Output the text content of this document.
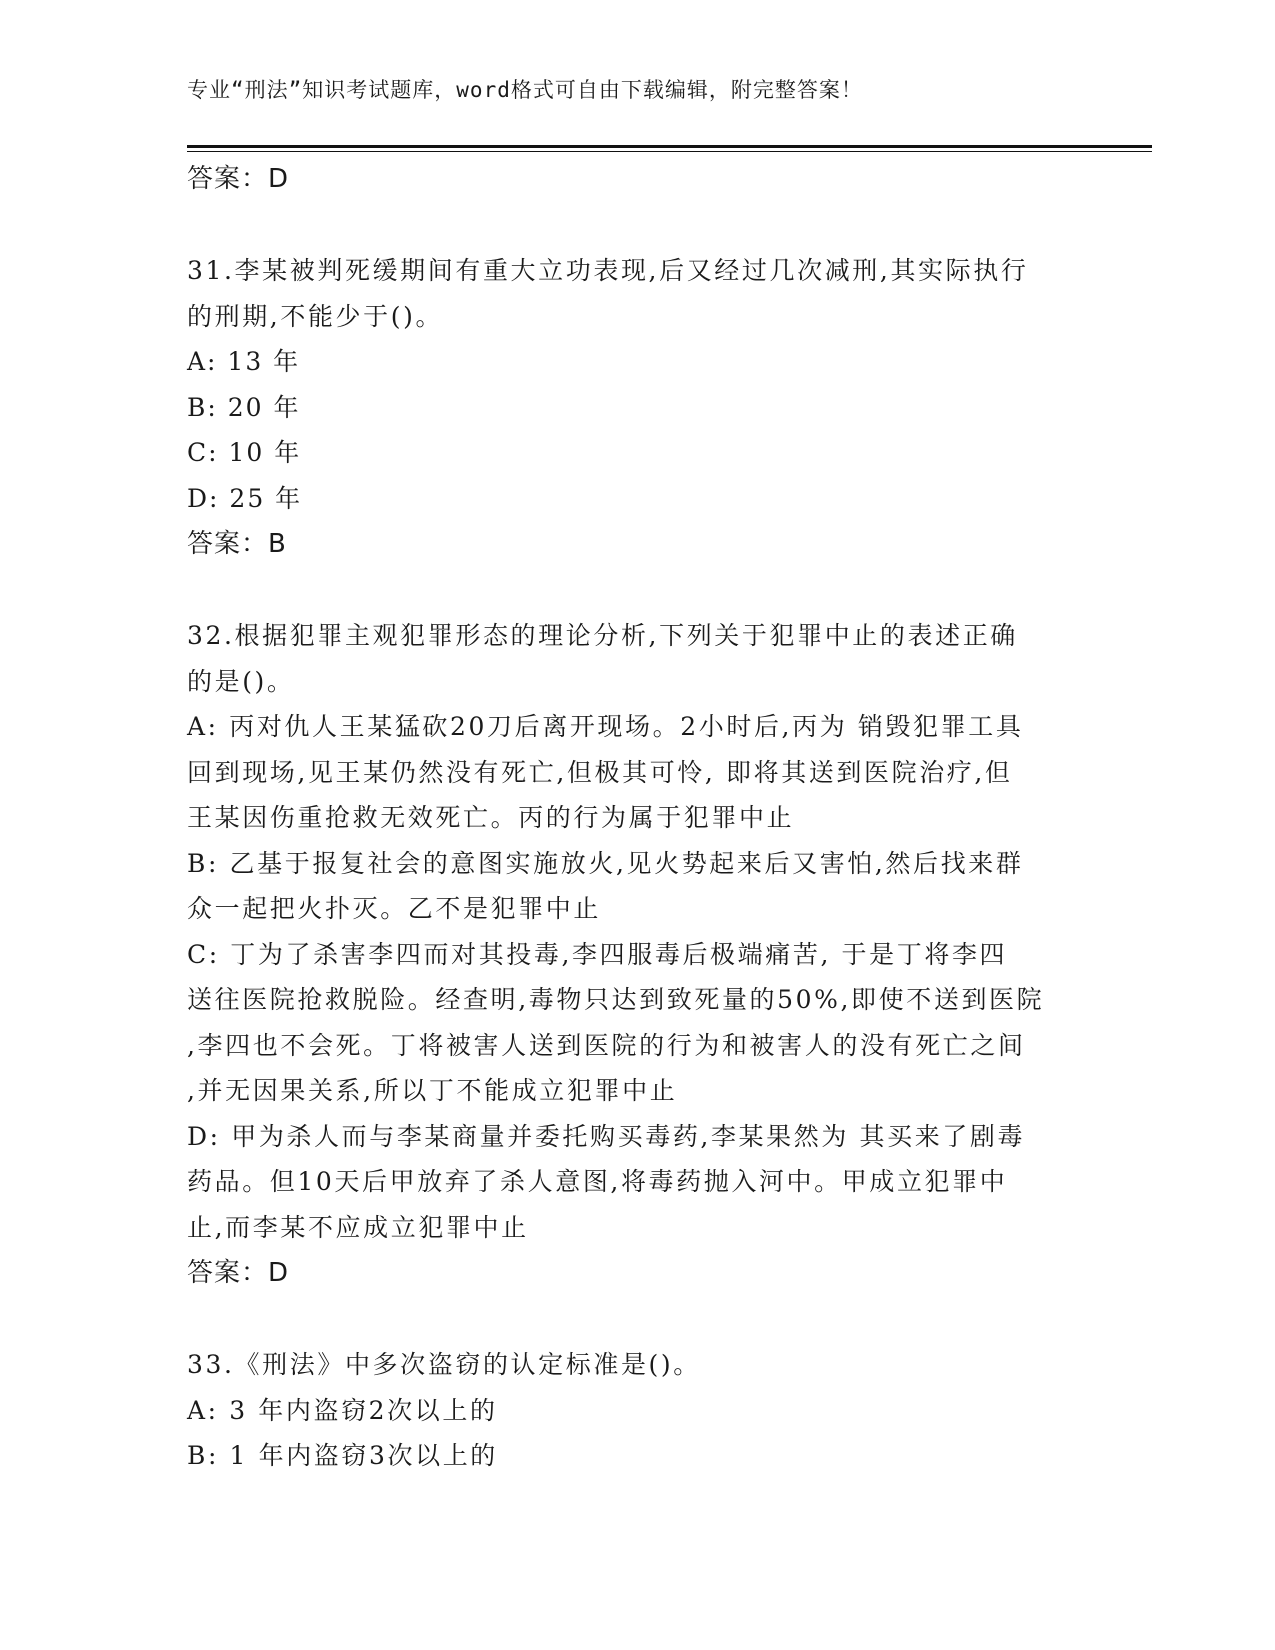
专业“刑法”知识考试题库，word格式可自由下载编辑，附完整答案！
答案：D
31.李某被判死缓期间有重大立功表现,后又经过几次减刑,其实际执行
的刑期,不能少于()。
A: 13 年
B: 20 年
C: 10 年
D: 25 年
答案：B
32.根据犯罪主观犯罪形态的理论分析,下列关于犯罪中止的表述正确
的是()。
A: 丙对仇人王某猛砍20刀后离开现场。2小时后,丙为 销毁犯罪工具
回到现场,见王某仍然没有死亡,但极其可怜, 即将其送到医院治疗,但
王某因伤重抢救无效死亡。丙的行为属于犯罪中止
B: 乙基于报复社会的意图实施放火,见火势起来后又害怕,然后找来群
众一起把火扑灭。乙不是犯罪中止
C: 丁为了杀害李四而对其投毒,李四服毒后极端痛苦, 于是丁将李四
送往医院抢救脱险。经查明,毒物只达到致死量的50%,即使不送到医院
,李四也不会死。丁将被害人送到医院的行为和被害人的没有死亡之间
,并无因果关系,所以丁不能成立犯罪中止
D: 甲为杀人而与李某商量并委托购买毒药,李某果然为 其买来了剧毒
药品。但10天后甲放弃了杀人意图,将毒药抛入河中。甲成立犯罪中
止,而李某不应成立犯罪中止
答案：D
33.《刑法》中多次盗窃的认定标准是()。
A: 3 年内盗窃2次以上的
B: 1 年内盗窃3次以上的
